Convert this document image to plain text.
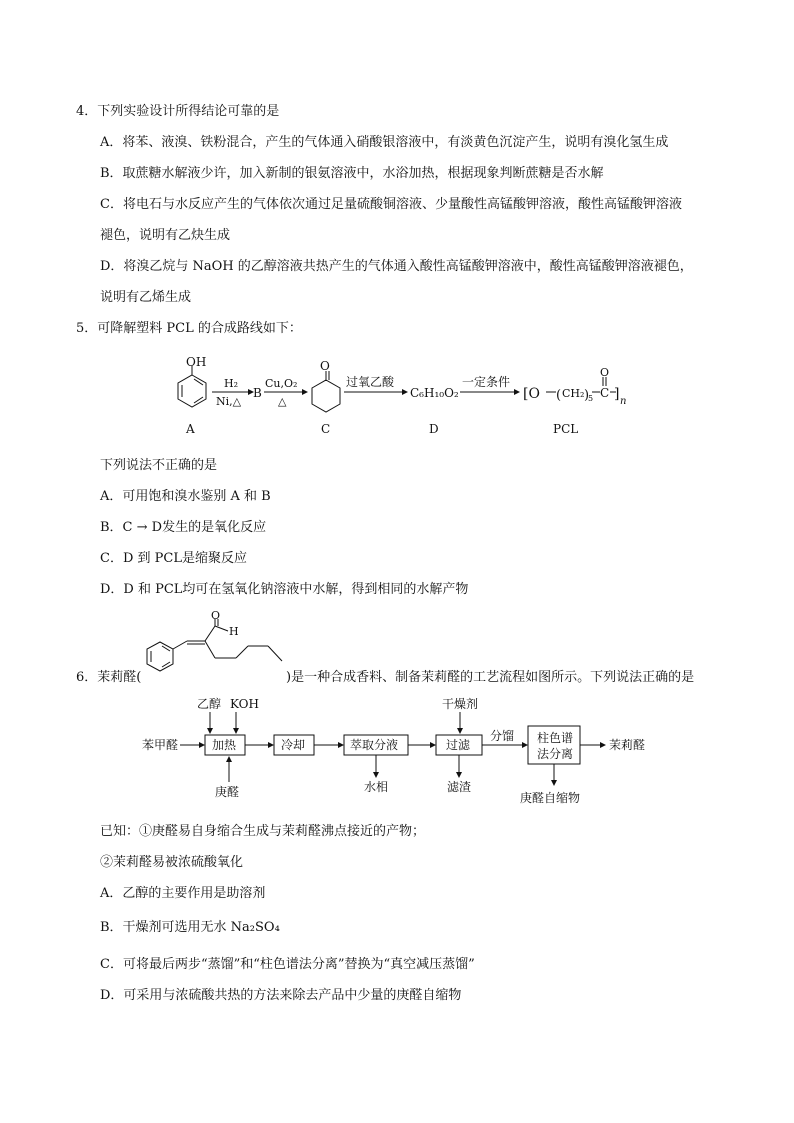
4．下列实验设计所得结论可靠的是
A．将苯、液溴、铁粉混合，产生的气体通入硝酸银溶液中，有淡黄色沉淀产生，说明有溴化氢生成
B．取蔗糖水解液少许，加入新制的银氨溶液中，水浴加热，根据现象判断蔗糖是否水解
C．将电石与水反应产生的气体依次通过足量硫酸铜溶液、少量酸性高锰酸钾溶液，酸性高锰酸钾溶液
褪色，说明有乙炔生成
D．将溴乙烷与 NaOH 的乙醇溶液共热产生的气体通入酸性高锰酸钾溶液中，酸性高锰酸钾溶液褪色，
说明有乙烯生成
5．可降解塑料 PCL 的合成路线如下：
OH
A
H₂
Ni,△
B
Cu,O₂
△
O
C
过氧乙酸
C₆H₁₀O₂
D
一定条件
[O ( CH₂ )
5 C
O
] n
PCL
下列说法不正确的是
A．可用饱和溴水鉴别 A 和 B
B．C → D发生的是氧化反应
C．D 到 PCL是缩聚反应
D．D 和 PCL均可在氢氧化钠溶液中水解，得到相同的水解产物
O
H
6．茉莉醛(	)是一种合成香料、制备茉莉醛的工艺流程如图所示。下列说法正确的是
乙醇 KOH
苯甲醛	加热
庚醛
冷却	萃取分液
水相
干燥剂
过滤
滤渣
分馏 柱色谱
法分离
茉莉醛
庚醛自缩物
已知：①庚醛易自身缩合生成与茉莉醛沸点接近的产物；
②茉莉醛易被浓硫酸氧化
A．乙醇的主要作用是助溶剂
B．干燥剂可选用无水 Na₂SO₄
C．可将最后两步“蒸馏”和“柱色谱法分离”替换为“真空减压蒸馏”
D．可采用与浓硫酸共热的方法来除去产品中少量的庚醛自缩物
